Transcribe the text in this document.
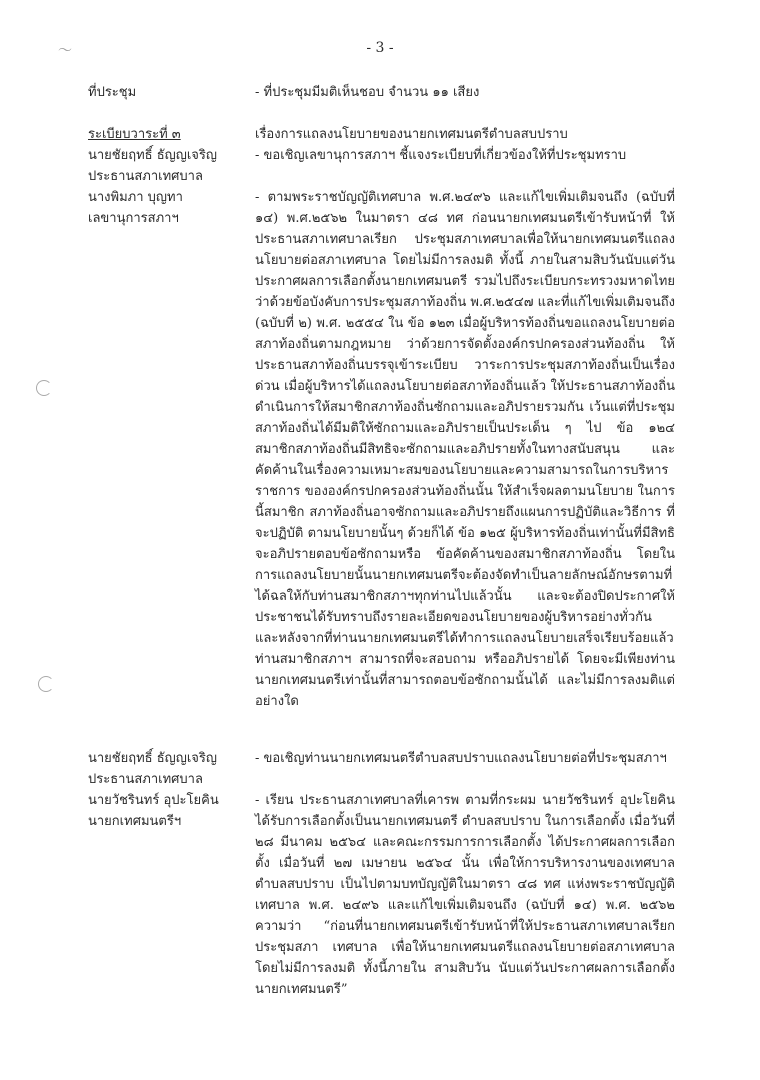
- 3 -
〜
ที่ประชุม	- ที่ประชุมมีมติเห็นชอบ จำนวน ๑๑ เสียง

ระเบียบวาระที่ ๓
นายชัยฤทธิ์ ธัญญเจริญ
ประธานสภาเทศบาล
นางพิมภา บุญทา
เลขานุการสภาฯ

เรื่องการแถลงนโยบายของนายกเทศมนตรีตำบลสบปราบ

- ขอเชิญเลขานุการสภาฯ ชี้แจงระเบียบที่เกี่ยวข้องให้ที่ประชุมทราบ

- ตามพระราชบัญญัติเทศบาล พ.ศ.๒๔๙๖ และแก้ไขเพิ่มเติมจนถึง (ฉบับที่ ๑๔) พ.ศ.๒๕๖๒ ในมาตรา ๔๘ ทศ ก่อนนายกเทศมนตรีเข้ารับหน้าที่ ให้ประธานสภาเทศบาลเรียก ประชุมสภาเทศบาลเพื่อให้นายกเทศมนตรีแถลงนโยบายต่อสภาเทศบาล โดยไม่มีการลงมติ ทั้งนี้ ภายในสามสิบวันนับแต่วันประกาศผลการเลือกตั้งนายกเทศมนตรี รวมไปถึงระเบียบกระทรวงมหาดไทยว่าด้วยข้อบังคับการประชุมสภาท้องถิ่น พ.ศ.๒๕๔๗ และที่แก้ไขเพิ่มเติมจนถึง (ฉบับที่ ๒) พ.ศ. ๒๕๕๔ ใน ข้อ ๑๒๓ เมื่อผู้บริหารท้องถิ่นขอแถลงนโยบายต่อสภาท้องถิ่นตามกฎหมาย ว่าด้วยการจัดตั้งองค์กรปกครองส่วนท้องถิ่น ให้ประธานสภาท้องถิ่นบรรจุเข้าระเบียบ วาระการประชุมสภาท้องถิ่นเป็นเรื่องด่วน เมื่อผู้บริหารได้แถลงนโยบายต่อสภาท้องถิ่นแล้ว ให้ประธานสภาท้องถิ่นดำเนินการให้สมาชิกสภาท้องถิ่นซักถามและอภิปรายรวมกัน เว้นแต่ที่ประชุม สภาท้องถิ่นได้มีมติให้ซักถามและอภิปรายเป็นประเด็น ๆ ไป ข้อ ๑๒๔ สมาชิกสภาท้องถิ่นมีสิทธิจะซักถามและอภิปรายทั้งในทางสนับสนุน และคัดค้านในเรื่องความเหมาะสมของนโยบายและความสามารถในการบริหารราชการ ขององค์กรปกครองส่วนท้องถิ่นนั้น ให้สำเร็จผลตามนโยบาย ในการนี้สมาชิก สภาท้องถิ่นอาจซักถามและอภิปรายถึงแผนการปฏิบัติและวิธีการ ที่จะปฏิบัติ ตามนโยบายนั้นๆ ด้วยก็ได้ ข้อ ๑๒๕ ผู้บริหารท้องถิ่นเท่านั้นที่มีสิทธิจะอภิปรายตอบข้อซักถามหรือ ข้อคัดค้านของสมาชิกสภาท้องถิ่น โดยในการแถลงนโยบายนั้นนายกเทศมนตรีจะต้องจัดทำเป็นลายลักษณ์อักษรตามที่ได้ฉลให้กับท่านสมาชิกสภาฯทุกท่านไปแล้วนั้น และจะต้องปิดประกาศให้ประชาชนได้รับทราบถึงรายละเอียดของนโยบายของผู้บริหารอย่างทั่วกัน และหลังจากที่ท่านนายกเทศมนตรีได้ทำการแถลงนโยบายเสร็จเรียบร้อยแล้ว ท่านสมาชิกสภาฯ สามารถที่จะสอบถาม หรืออภิปรายได้ โดยจะมีเพียงท่านนายกเทศมนตรีเท่านั้นที่สามารถตอบข้อซักถามนั้นได้ และไม่มีการลงมติแต่อย่างใด

นายชัยฤทธิ์ ธัญญเจริญ
ประธานสภาเทศบาล
นายวัชรินทร์ อุปะโยคิน
นายกเทศมนตรีฯ

- ขอเชิญท่านนายกเทศมนตรีตำบลสบปราบแถลงนโยบายต่อที่ประชุมสภาฯ

- เรียน ประธานสภาเทศบาลที่เคารพ ตามที่กระผม นายวัชรินทร์ อุปะโยคิน ได้รับการเลือกตั้งเป็นนายกเทศมนตรี ตำบลสบปราบ ในการเลือกตั้ง เมื่อวันที่ ๒๘ มีนาคม ๒๕๖๔ และคณะกรรมการการเลือกตั้ง ได้ประกาศผลการเลือกตั้ง เมื่อวันที่ ๒๗ เมษายน ๒๕๖๔ นั้น เพื่อให้การบริหารงานของเทศบาลตำบลสบปราบ เป็นไปตามบทบัญญัติในมาตรา ๔๘ ทศ แห่งพระราชบัญญัติเทศบาล พ.ศ. ๒๔๙๖ และแก้ไขเพิ่มเติมจนถึง (ฉบับที่ ๑๔) พ.ศ. ๒๕๖๒ ความว่า “ก่อนที่นายกเทศมนตรีเข้ารับหน้าที่ให้ประธานสภาเทศบาลเรียกประชุมสภา เทศบาล เพื่อให้นายกเทศมนตรีแถลงนโยบายต่อสภาเทศบาล โดยไม่มีการลงมติ ทั้งนี้ภายใน สามสิบวัน นับแต่วันประกาศผลการเลือกตั้งนายกเทศมนตรี”
